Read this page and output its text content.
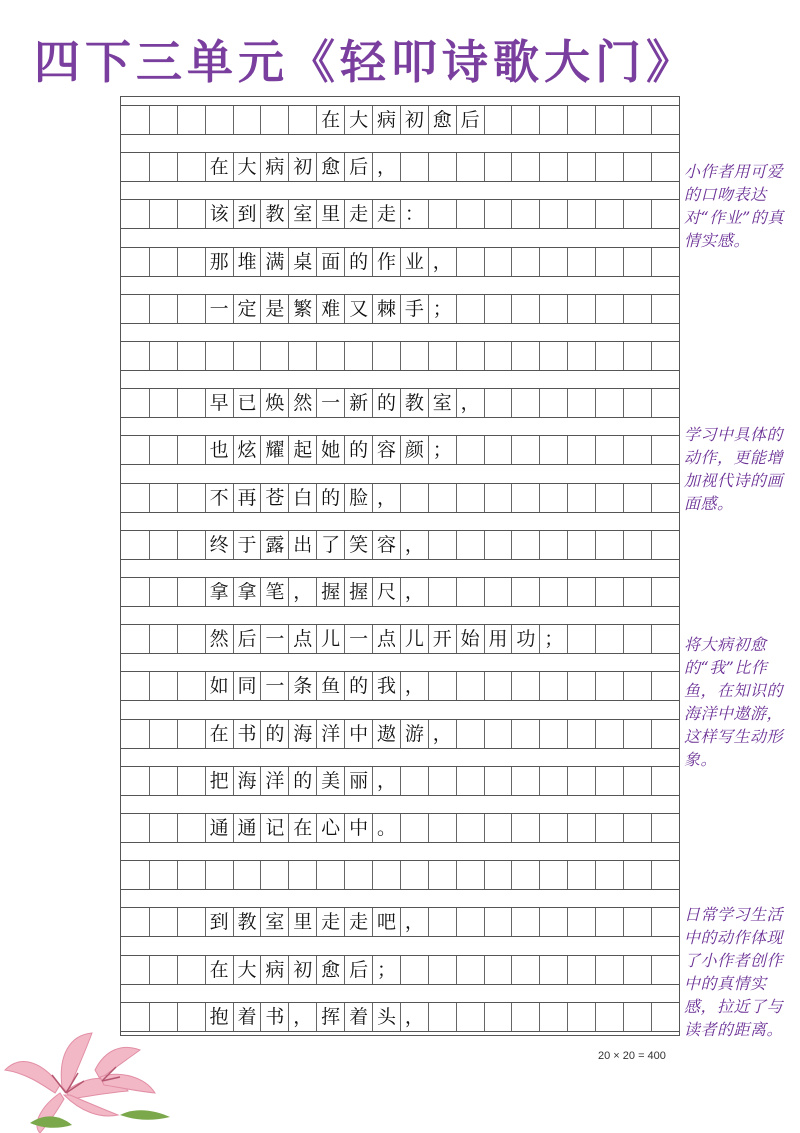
四下三单元《轻叩诗歌大门》
在 大 病 初 愈 后
在 大 病 初 愈 后 ，
该 到 教 室 里 走 走 ：
那 堆 满 桌 面 的 作 业 ，
一 定 是 繁 难 又 棘 手 ；
早 已 焕 然 一 新 的 教 室 ，
也 炫 耀 起 她 的 容 颜 ；
不 再 苍 白 的 脸 ，
终 于 露 出 了 笑 容 ，
拿 拿 笔 ， 握 握 尺 ，
然 后 一 点 儿 一 点 儿 开 始 用 功 ；
如 同 一 条 鱼 的 我 ，
在 书 的 海 洋 中 遨 游 ，
把 海 洋 的 美 丽 ，
通 通 记 在 心 中 。
到 教 室 里 走 走 吧 ，
在 大 病 初 愈 后 ；
抱 着 书 ， 挥 着 头 ，

小作者用可爱的口吻表达对“作业”的真情实感。

学习中具体的动作，更能增加视代诗的画面感。

将大病初愈的“我”比作鱼，在知识的海洋中遨游，这样写生动形象。

日常学习生活中的动作体现了小作者创作中的真情实感，拉近了与读者的距离。

20 × 20 = 400
